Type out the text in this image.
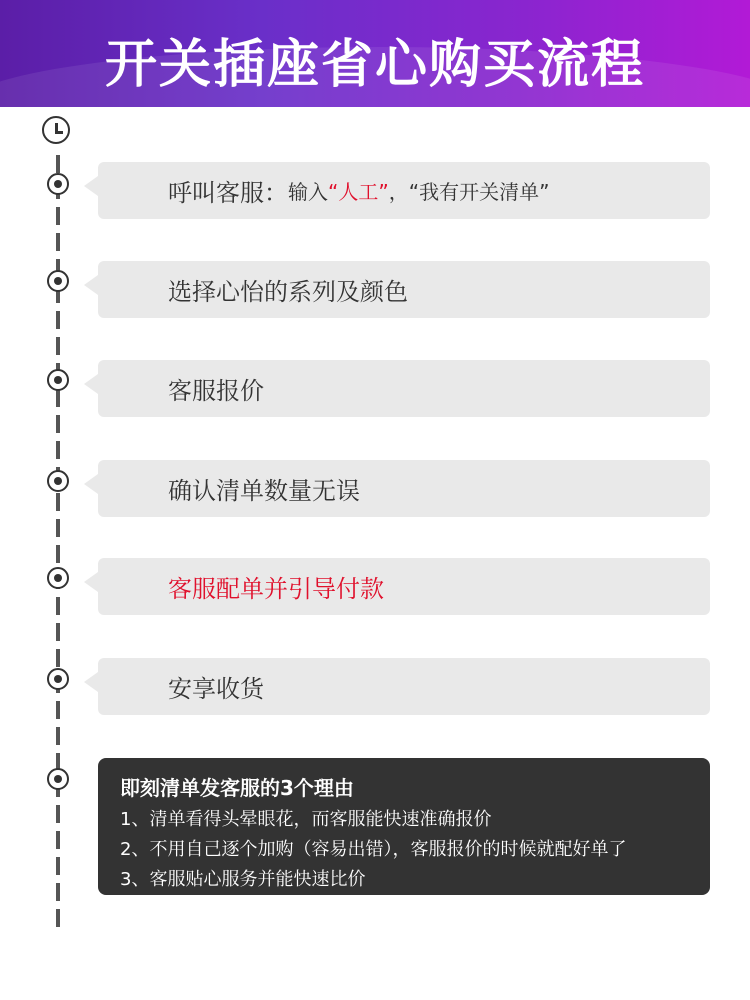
开关插座省心购买流程
呼叫客服： 输入 “人工” ， “我有开关清单”
选择心怡的系列及颜色
客服报价
确认清单数量无误
客服配单并引导付款
安享收货
即刻清单发客服的3个理由
1、清单看得头晕眼花，而客服能快速准确报价
2、不用自己逐个加购（容易出错），客服报价的时候就配好单了
3、客服贴心服务并能快速比价
